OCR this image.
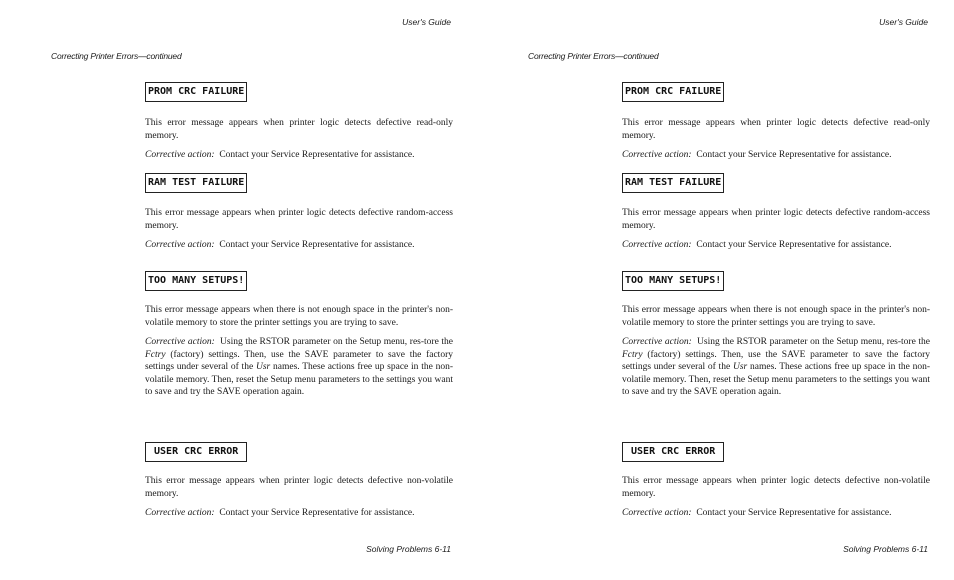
User's Guide
Correcting Printer Errors—continued
PROM CRC FAILURE

This error message appears when printer logic detects defective read-only memory.

Corrective action: Contact your Service Representative for assistance.

RAM TEST FAILURE

This error message appears when printer logic detects defective random-access memory.

Corrective action: Contact your Service Representative for assistance.

TOO MANY SETUPS!

This error message appears when there is not enough space in the printer's non-volatile memory to store the printer settings you are trying to save.

Corrective action: Using the RSTOR parameter on the Setup menu, res-tore the Fctry (factory) settings. Then, use the SAVE parameter to save the factory settings under several of the Usr names. These actions free up space in the non-volatile memory. Then, reset the Setup menu parameters to the settings you want to save and try the SAVE operation again.

USER CRC ERROR

This error message appears when printer logic detects defective non-volatile memory.

Corrective action: Contact your Service Representative for assistance.

Solving Problems 6-11
User's Guide
Correcting Printer Errors—continued
PROM CRC FAILURE

This error message appears when printer logic detects defective read-only memory.

Corrective action: Contact your Service Representative for assistance.

RAM TEST FAILURE

This error message appears when printer logic detects defective random-access memory.

Corrective action: Contact your Service Representative for assistance.

TOO MANY SETUPS!

This error message appears when there is not enough space in the printer's non-volatile memory to store the printer settings you are trying to save.

Corrective action: Using the RSTOR parameter on the Setup menu, res-tore the Fctry (factory) settings. Then, use the SAVE parameter to save the factory settings under several of the Usr names. These actions free up space in the non-volatile memory. Then, reset the Setup menu parameters to the settings you want to save and try the SAVE operation again.

USER CRC ERROR

This error message appears when printer logic detects defective non-volatile memory.

Corrective action: Contact your Service Representative for assistance.

Solving Problems 6-11
